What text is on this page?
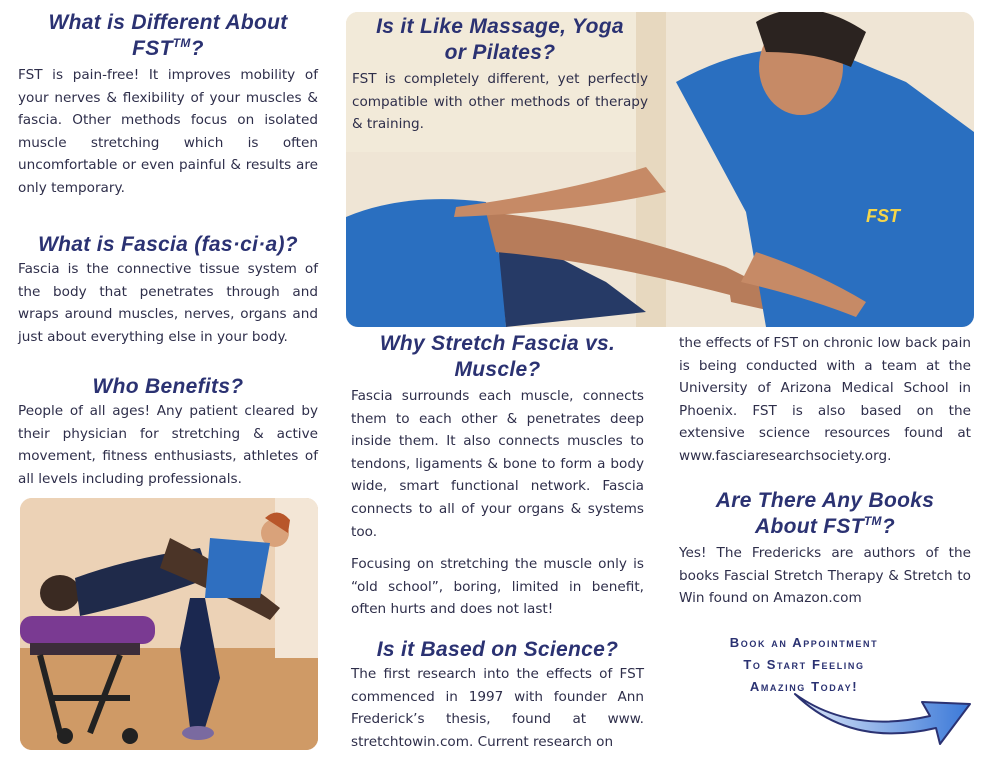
What is Different About
FST™?

FST is pain-free! It improves mobility of your nerves & flexibility of your muscles & fascia. Other methods focus on isolated muscle stretching which is often uncomfortable or even painful & results are only temporary.

What is Fascia (fas·ci·a)?

Fascia is the connective tissue system of the body that penetrates through and wraps around muscles, nerves, organs and just about everything else in your body.

Who Benefits?

People of all ages! Any patient cleared by their physician for stretching & active movement, fitness enthusiasts, athletes of all levels including professionals.

FST
Is it Like Massage, Yoga
or Pilates?

FST is completely different, yet perfectly compatible with other methods of therapy & training.

Why Stretch Fascia vs.
Muscle?

Fascia surrounds each muscle, connects them to each other & penetrates deep inside them. It also connects muscles to tendons, ligaments & bone to form a body wide, smart functional network. Fascia connects to all of your organs & systems too.

Focusing on stretching the muscle only is “old school”, boring, limited in benefit, often hurts and does not last!

Is it Based on Science?

The first research into the effects of FST commenced in 1997 with founder Ann Frederick’s thesis, found at www. stretchtowin.com. Current research on

the effects of FST on chronic low back pain is being conducted with a team at the University of Arizona Medical School in Phoenix. FST is also based on the extensive science resources found at www.fasciaresearchsociety.org.

Are There Any Books
About FST™?

Yes! The Fredericks are authors of the books Fascial Stretch Therapy & Stretch to Win found on Amazon.com

Book an Appointment
To Start Feeling
Amazing Today!
